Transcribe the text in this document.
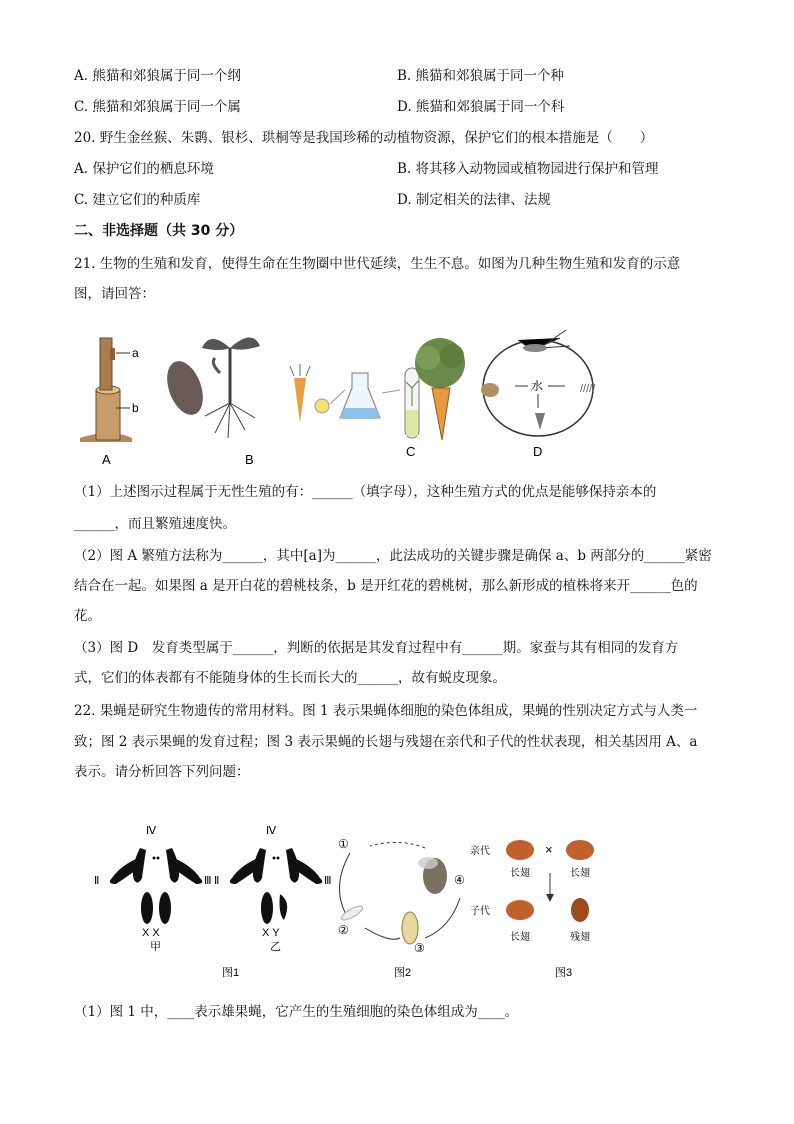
A. 熊猫和郊狼属于同一个纲	B. 熊猫和郊狼属于同一个种
C. 熊猫和郊狼属于同一个属	D. 熊猫和郊狼属于同一个科
20. 野生金丝猴、朱鹮、银杉、珙桐等是我国珍稀的动植物资源，保护它们的根本措施是（　　）
A. 保护它们的栖息环境	B. 将其移入动物园或植物园进行保护和管理
C. 建立它们的种质库	D. 制定相关的法律、法规
二、非选择题（共 30 分）
21. 生物的生殖和发育，使得生命在生物圈中世代延续，生生不息。如图为几种生物生殖和发育的示意
图，请回答：
a
b
A	B
C
/////
水
D
（1）上述图示过程属于无性生殖的有：______（填字母），这种生殖方式的优点是能够保持亲本的
______，而且繁殖速度快。
（2）图 A 繁殖方法称为______，其中[a]为______，此法成功的关键步骤是确保 a、b 两部分的______紧密
结合在一起。如果图 a 是开白花的碧桃枝条，b 是开红花的碧桃树，那么新形成的植株将来开______色的
花。
（3）图 D　发育类型属于______，判断的依据是其发育过程中有______期。家蚕与其有相同的发育方
式，它们的体表都有不能随身体的生长而长大的______，故有蜕皮现象。
22. 果蝇是研究生物遗传的常用材料。图 1 表示果蝇体细胞的染色体组成，果蝇的性别决定方式与人类一
致；图 2 表示果蝇的发育过程；图 3 表示果蝇的长翅与残翅在亲代和子代的性状表现，相关基因用 A、a
表示。请分析回答下列问题：
Ⅳ
Ⅱ	Ⅲ
X X
甲
Ⅳ
Ⅱ	Ⅲ
X Y
乙
图1
①
②
③
④
图2
亲代
子代
×
长翅	长翅
长翅	残翅
图3
（1）图 1 中，____表示雄果蝇，它产生的生殖细胞的染色体组成为____。
